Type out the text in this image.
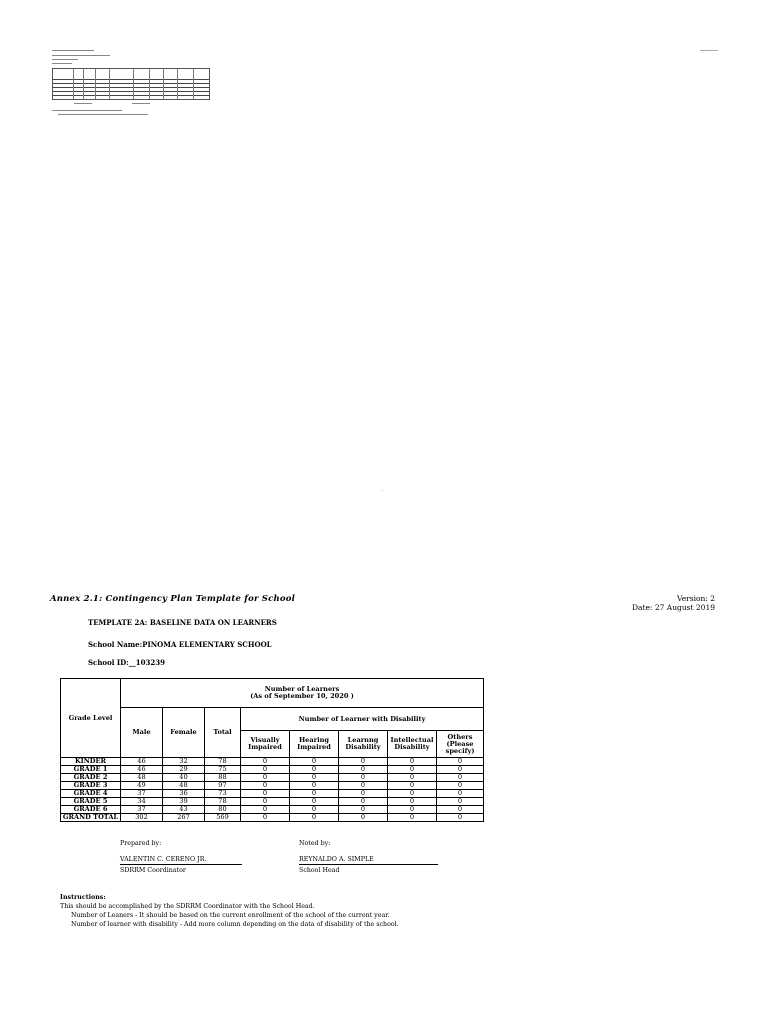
Annex 2.1: Contingency Plan Template for School	Version: 2
Date: 27 August 2019
TEMPLATE 2A: BASELINE DATA ON LEARNERS
School Name:PINOMA ELEMENTARY SCHOOL
School ID:__103239
Grade Level	Number of Learners
(As of September 10, 2020 )							
	Male	Female	Total	Number of Learner with Disability				
				Visually Impaired	Hearing Impaired	Learnng Disability	Intellectual Disability	Others (Please specify)
KINDER	46	32	78	0	0	0	0	0
GRADE 1	46	29	75	0	0	0	0	0
GRADE 2	48	40	88	0	0	0	0	0
GRADE 3	49	48	97	0	0	0	0	0
GRADE 4	37	36	73	0	0	0	0	0
GRADE 5	34	39	78	0	0	0	0	0
GRADE 6	37	43	80	0	0	0	0	0
GRAND TOTAL	302	267	569	0	0	0	0	0
Prepared by:
VALENTIN C. CERENO JR.
SDRRM Coordinator
Noted by:
REYNALDO A. SIMPLE
School Head
Instructions:
This should be accomplished by the SDRRM Coordinator with the School Head.
Number of Leaners - It should be based on the current enrollment of the school of the current year.
Number of learner with disability - Add more column depending on the data of disability of the school.
